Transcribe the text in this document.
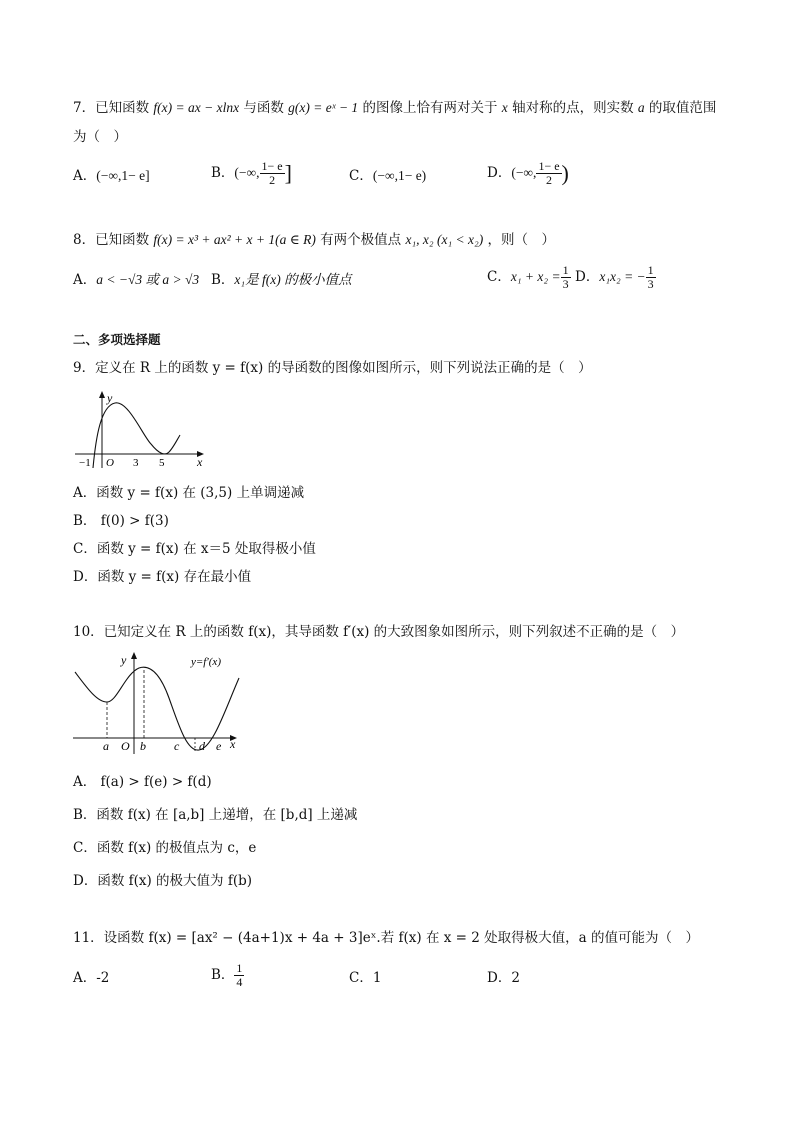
7．已知函数 f(x) = ax − xlnx 与函数 g(x) = eˣ − 1 的图像上恰有两对关于 x 轴对称的点，则实数 a 的取值范围
为（　）
A．(−∞,1− e]	B．(−∞, $\frac{1- e}{2}$ ]	C．(−∞,1− e)	D．(−∞, $\frac{1- e}{2}$ )
8．已知函数 f(x) = x³ + ax² + x + 1(a ∈ R) 有两个极值点 x₁, x₂ (x₁ < x₂) ，则（　）
A．a < −√3 或 a > √3 B．x₁是 f(x) 的极小值点	C．$x_1 + x_2 = \frac{1}{3}$ D．x₁x₂ = − $\frac{1}{3}$
二、多项选择题
9．定义在 R 上的函数 y = f(x) 的导函数的图像如图所示，则下列说法正确的是（　）
y
x
−1 O 3 5
A．函数 y = f(x) 在 (3,5) 上单调递减
B． f(0) > f(3)
C．函数 y = f(x) 在 x＝5 处取得极小值
D．函数 y = f(x) 存在最小值
10．已知定义在 R 上的函数 f(x)，其导函数 f′(x) 的大致图象如图所示，则下列叙述不正确的是（　）
y=f′(x)
y
x
a O b c d e
A． f(a) > f(e) > f(d)
B．函数 f(x) 在 [a,b] 上递增，在 [b,d] 上递减
C．函数 f(x) 的极值点为 c，e
D．函数 f(x) 的极大值为 f(b)
11．设函数 f(x) = [ax² − (4a+1)x + 4a + 3]eˣ.若 f(x) 在 x = 2 处取得极大值，a 的值可能为（　）
A．-2	B． $\frac{1}{4}$	C．1	D．2
